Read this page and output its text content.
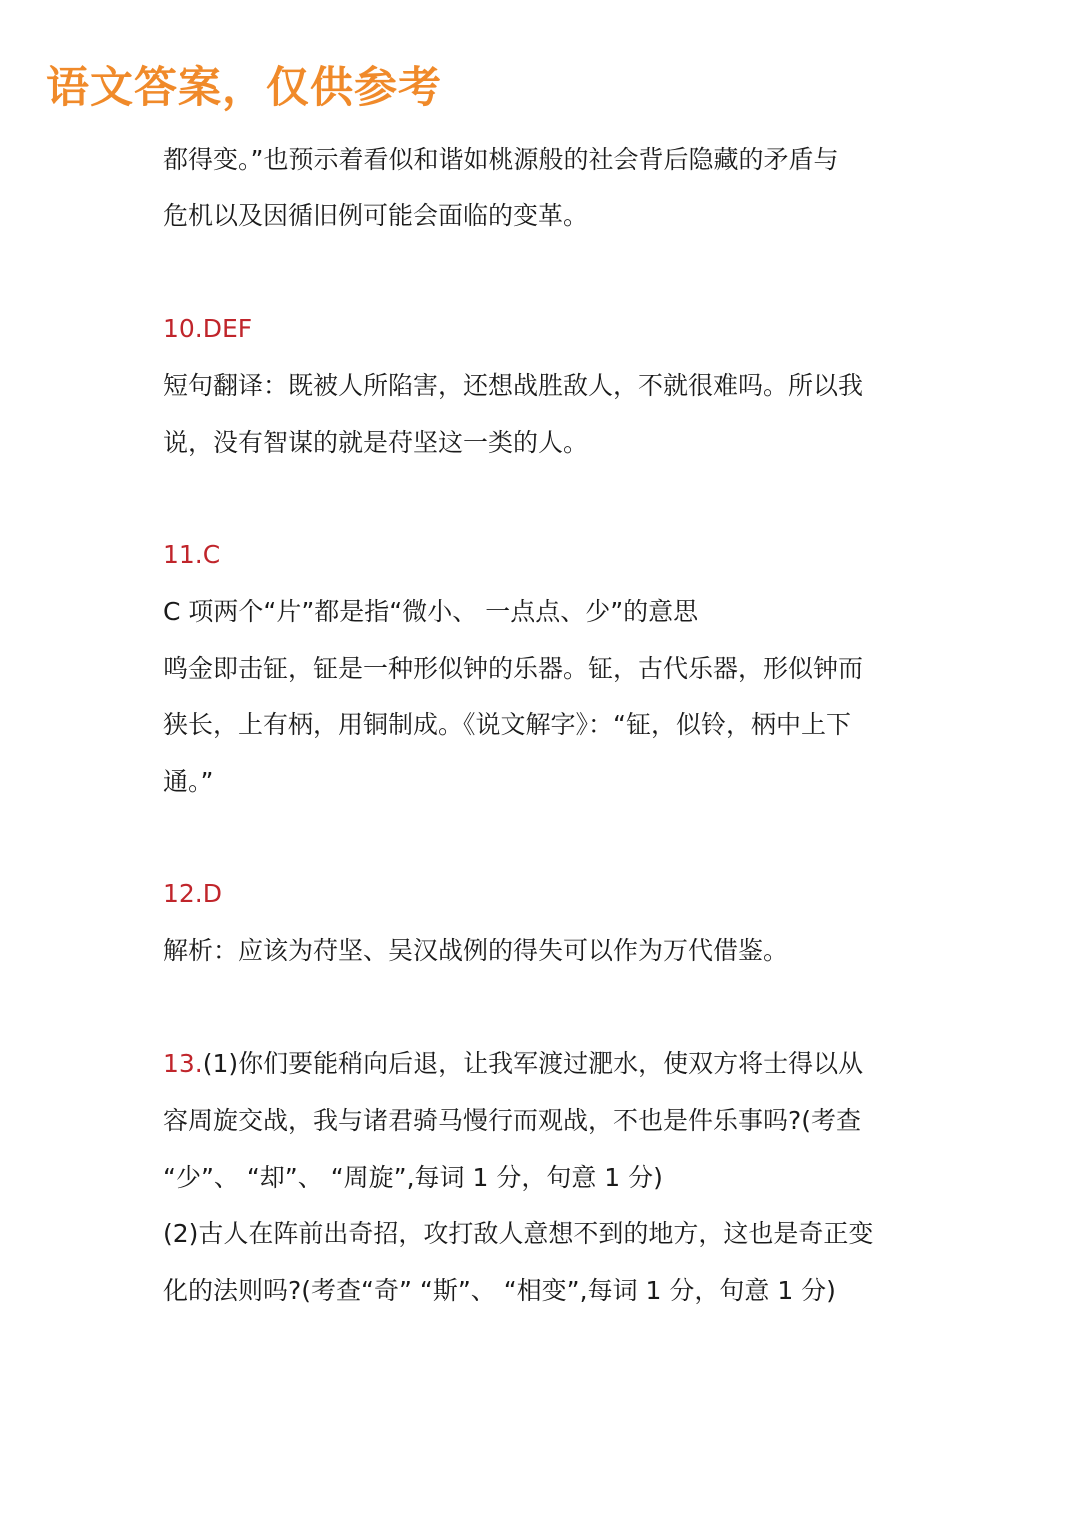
语文答案，仅供参考

都得变。”也预示着看似和谐如桃源般的社会背后隐藏的矛盾与

危机以及因循旧例可能会面临的变革。

10.DEF

短句翻译：既被人所陷害，还想战胜敌人，不就很难吗。所以我

说，没有智谋的就是苻坚这一类的人。

11.C

C 项两个“片”都是指“微小、 一点点、少”的意思

鸣金即击钲，钲是一种形似钟的乐器。钲，古代乐器，形似钟而

狭长，上有柄，用铜制成。《说文解字》：“钲，似铃，柄中上下

通。”

12.D

解析：应该为苻坚、吴汉战例的得失可以作为万代借鉴。

13.(1)你们要能稍向后退，让我军渡过淝水，使双方将士得以从

容周旋交战，我与诸君骑马慢行而观战，不也是件乐事吗?(考查

“少”、 “却”、 “周旋”,每词 1 分，句意 1 分)

(2)古人在阵前出奇招，攻打敌人意想不到的地方，这也是奇正变

化的法则吗?(考查“奇” “斯”、 “相变”,每词 1 分，句意 1 分)
